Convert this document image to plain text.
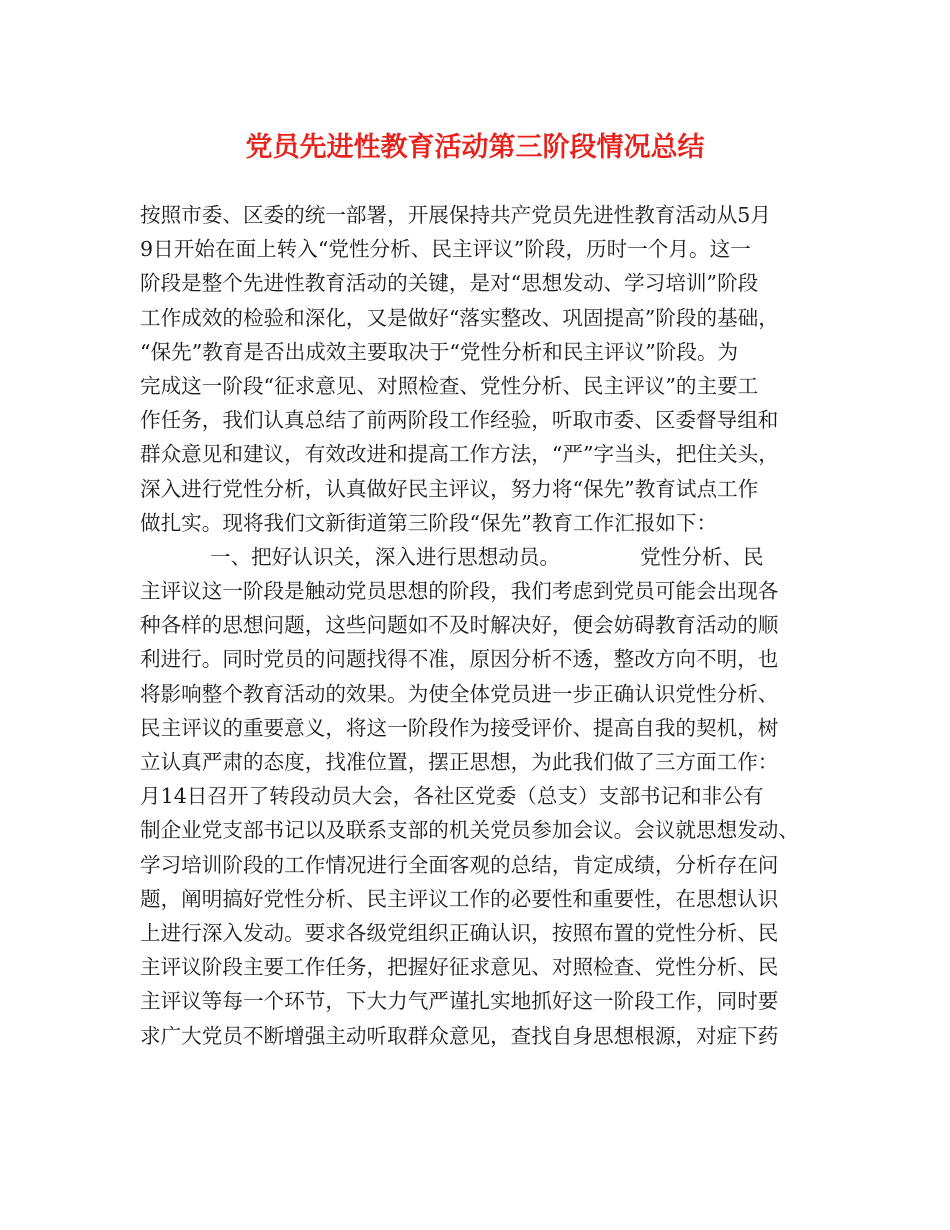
党员先进性教育活动第三阶段情况总结
按照市委、区委的统一部署，开展保持共产党员先进性教育活动从5月
9日开始在面上转入“党性分析、民主评议”阶段，历时一个月。这一
阶段是整个先进性教育活动的关键，是对“思想发动、学习培训”阶段
工作成效的检验和深化，又是做好“落实整改、巩固提高”阶段的基础，
“保先”教育是否出成效主要取决于“党性分析和民主评议”阶段。为
完成这一阶段“征求意见、对照检查、党性分析、民主评议”的主要工
作任务，我们认真总结了前两阶段工作经验，听取市委、区委督导组和
群众意见和建议，有效改进和提高工作方法，“严”字当头，把住关头，
深入进行党性分析，认真做好民主评议，努力将“保先”教育试点工作
做扎实。现将我们文新街道第三阶段“保先”教育工作汇报如下：
一、把好认识关，深入进行思想动员。	党性分析、民
主评议这一阶段是触动党员思想的阶段，我们考虑到党员可能会出现各
种各样的思想问题，这些问题如不及时解决好，便会妨碍教育活动的顺
利进行。同时党员的问题找得不准，原因分析不透，整改方向不明，也
将影响整个教育活动的效果。为使全体党员进一步正确认识党性分析、
民主评议的重要意义，将这一阶段作为接受评价、提高自我的契机，树
立认真严肃的态度，找准位置，摆正思想，为此我们做了三方面工作：
月14日召开了转段动员大会，各社区党委（总支）支部书记和非公有
制企业党支部书记以及联系支部的机关党员参加会议。会议就思想发动、
学习培训阶段的工作情况进行全面客观的总结，肯定成绩，分析存在问
题，阐明搞好党性分析、民主评议工作的必要性和重要性，在思想认识
上进行深入发动。要求各级党组织正确认识，按照布置的党性分析、民
主评议阶段主要工作任务，把握好征求意见、对照检查、党性分析、民
主评议等每一个环节，下大力气严谨扎实地抓好这一阶段工作，同时要
求广大党员不断增强主动听取群众意见，查找自身思想根源，对症下药
